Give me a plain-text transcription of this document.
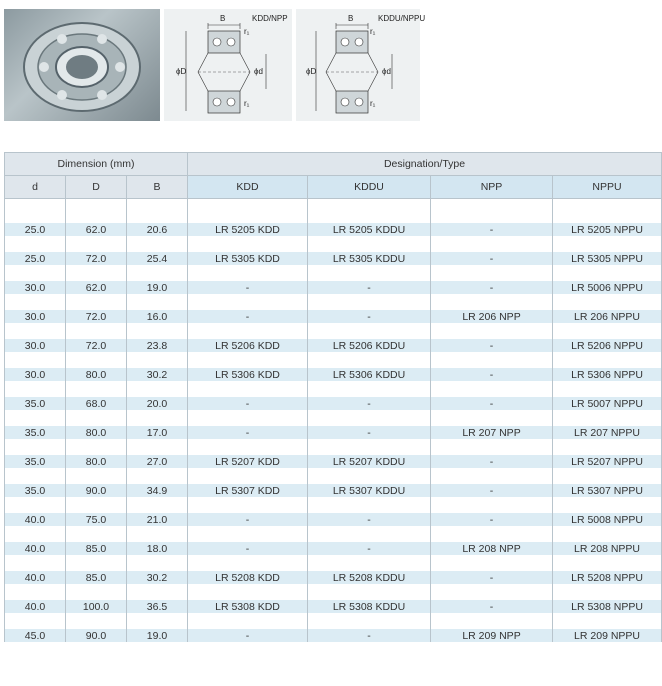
B	KDD/NPP
r₁
r₁
ϕD	ϕd
B	KDDU/NPPU
r₁
r₁
ϕD	ϕd
Dimension (mm)			Designation/Type			
d	D	B				
			KDD	KDDU	NPP	NPPU

25.0	62.0	20.6	LR 5205 KDD	LR 5205 KDDU	-	LR 5205 NPPU

25.0	72.0	25.4	LR 5305 KDD	LR 5305 KDDU	-	LR 5305 NPPU

30.0	62.0	19.0	-	-	-	LR 5006 NPPU

30.0	72.0	16.0	-	-	LR 206 NPP	LR 206 NPPU

30.0	72.0	23.8	LR 5206 KDD	LR 5206 KDDU	-	LR 5206 NPPU

30.0	80.0	30.2	LR 5306 KDD	LR 5306 KDDU	-	LR 5306 NPPU

35.0	68.0	20.0	-	-	-	LR 5007 NPPU

35.0	80.0	17.0	-	-	LR 207 NPP	LR 207 NPPU

35.0	80.0	27.0	LR 5207 KDD	LR 5207 KDDU	-	LR 5207 NPPU

35.0	90.0	34.9	LR 5307 KDD	LR 5307 KDDU	-	LR 5307 NPPU

40.0	75.0	21.0	-	-	-	LR 5008 NPPU

40.0	85.0	18.0	-	-	LR 208 NPP	LR 208 NPPU

40.0	85.0	30.2	LR 5208 KDD	LR 5208 KDDU	-	LR 5208 NPPU

40.0	100.0	36.5	LR 5308 KDD	LR 5308 KDDU	-	LR 5308 NPPU

45.0	90.0	19.0	-	-	LR 209 NPP	LR 209 NPPU
